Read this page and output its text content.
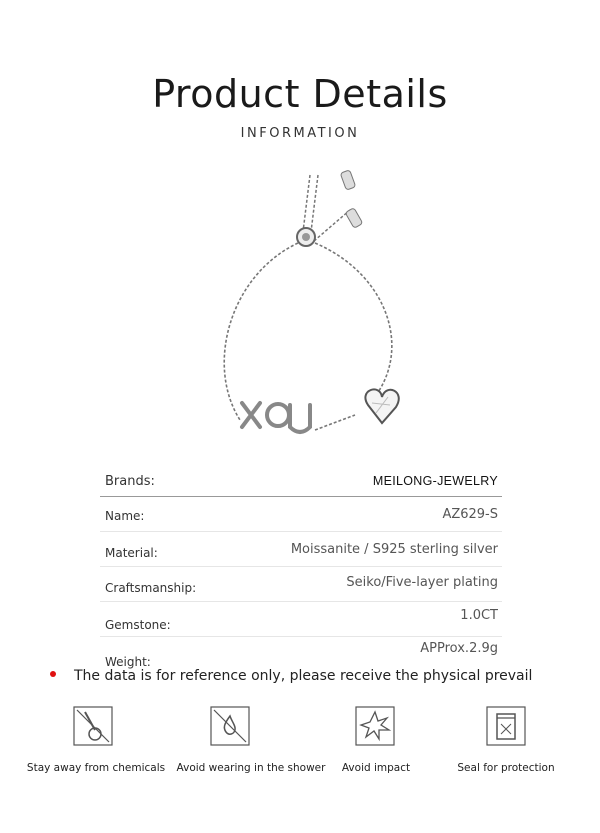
Product Details
INFORMATION
Brands:	MEILONG-JEWELRY
Name:	AZ629-S
Material:	Moissanite / S925 sterling silver
Craftsmanship:	Seiko/Five-layer plating
Gemstone:
1.0CT
Weight:
APProx.2.9g
The data is for reference only, please receive the physical prevail
Stay away from chemicals Avoid wearing in the shower Avoid impact	Seal for protection
